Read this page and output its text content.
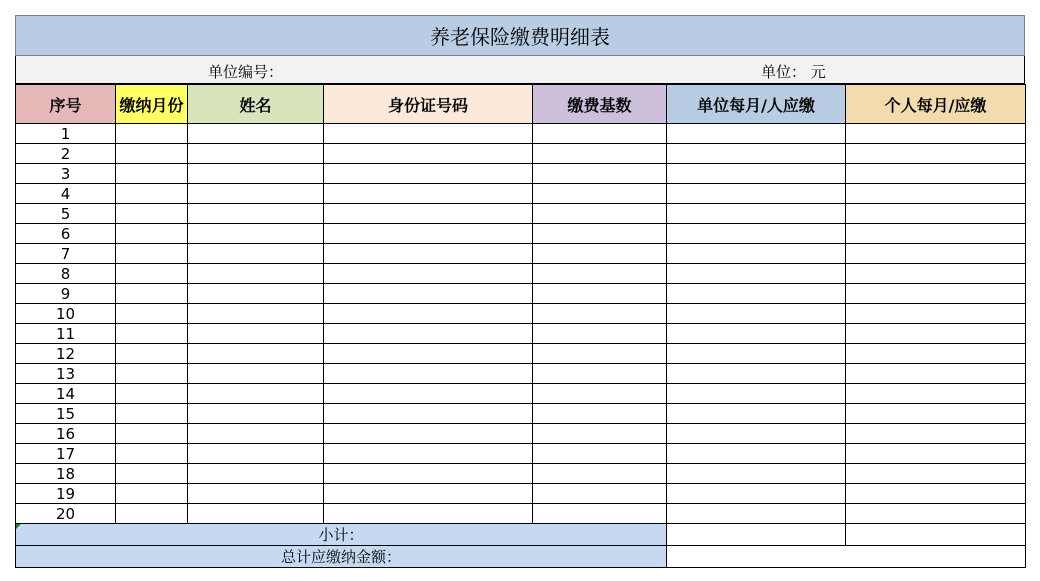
养老保险缴费明细表
单位编号：	单位： 元
序号	缴纳月份	姓名	身份证号码	缴费基数	单位每月/人应缴	个人每月/应缴
1						
2						
3						
4						
5						
6						
7						
8						
9						
10						
11						
12						
13						
14						
15						
16						
17						
18						
19						
20						
小计：						
总计应缴纳金额：						
